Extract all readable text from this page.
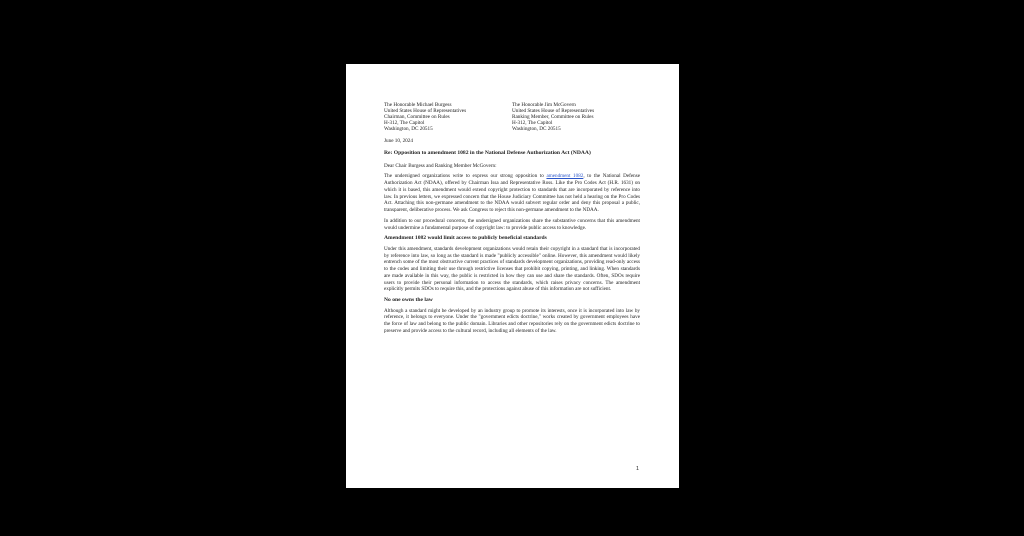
The Honorable Michael Burgess
United States House of Representatives
Chairman, Committee on Rules
H-312, The Capitol
Washington, DC 20515
The Honorable Jim McGovern
United States House of Representatives
Ranking Member, Committee on Rules
H-312, The Capitol
Washington, DC 20515
June 10, 2024
Re: Opposition to amendment 1082 in the National Defense Authorization Act (NDAA)
Dear Chair Burgess and Ranking Member McGovern:

The undersigned organizations write to express our strong opposition to amendment 1082, to the National Defense Authorization Act (NDAA), offered by Chairman Issa and Representative Ross. Like the Pro Codes Act (H.R. 1631) on which it is based, this amendment would extend copyright protection to standards that are incorporated by reference into law. In previous letters, we expressed concern that the House Judiciary Committee has not held a hearing on the Pro Codes Act. Attaching this non-germane amendment to the NDAA would subvert regular order and deny this proposal a public, transparent, deliberative process. We ask Congress to reject this non-germane amendment to the NDAA.

In addition to our procedural concerns, the undersigned organizations share the substantive concerns that this amendment would undermine a fundamental purpose of copyright law: to provide public access to knowledge.

Amendment 1082 would limit access to publicly beneficial standards

Under this amendment, standards development organizations would retain their copyright in a standard that is incorporated by reference into law, so long as the standard is made "publicly accessible" online. However, this amendment would likely entrench some of the most obstructive current practices of standards development organizations, providing read-only access to the codes and limiting their use through restrictive licenses that prohibit copying, printing, and linking. When standards are made available in this way, the public is restricted in how they can use and share the standards. Often, SDOs require users to provide their personal information to access the standards, which raises privacy concerns. The amendment explicitly permits SDOs to require this, and the protections against abuse of this information are not sufficient.

No one owns the law

Although a standard might be developed by an industry group to promote its interests, once it is incorporated into law by reference, it belongs to everyone. Under the "government edicts doctrine," works created by government employees have the force of law and belong to the public domain. Libraries and other repositories rely on the government edicts doctrine to preserve and provide access to the cultural record, including all elements of the law.

1
